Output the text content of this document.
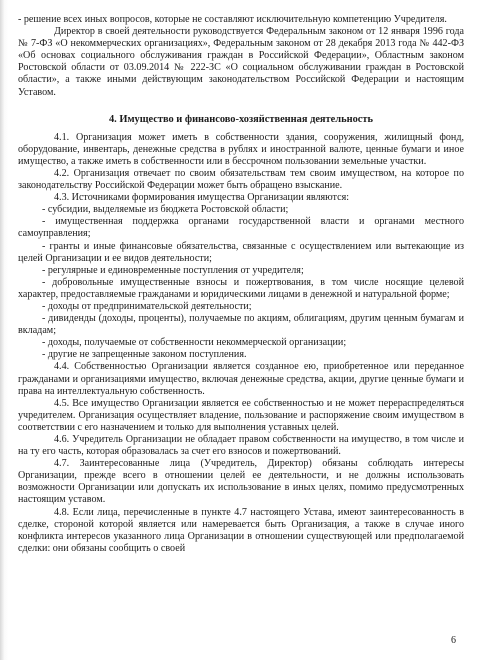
- решение всех иных вопросов, которые не составляют исключительную компетенцию Учредителя.

Директор в своей деятельности руководствуется Федеральным законом от 12 января 1996 года № 7-ФЗ «О некоммерческих организациях», Федеральным законом от 28 декабря 2013 года № 442-ФЗ «Об основах социального обслуживания граждан в Российской Федерации», Областным законом Ростовской области от 03.09.2014 № 222-ЗС «О социальном обслуживании граждан в Ростовской области», а также иными действующим законодательством Российской Федерации и настоящим Уставом.

4. Имущество и финансово-хозяйственная деятельность

4.1. Организация может иметь в собственности здания, сооружения, жилищный фонд, оборудование, инвентарь, денежные средства в рублях и иностранной валюте, ценные бумаги и иное имущество, а также иметь в собственности или в бессрочном пользовании земельные участки.

4.2. Организация отвечает по своим обязательствам тем своим имуществом, на которое по законодательству Российской Федерации может быть обращено взыскание.

4.3. Источниками формирования имущества Организации являются:

- субсидии, выделяемые из бюджета Ростовской области;

- имущественная поддержка органами государственной власти и органами местного самоуправления;

- гранты и иные финансовые обязательства, связанные с осуществлением или вытекающие из целей Организации и ее видов деятельности;

- регулярные и единовременные поступления от учредителя;

- добровольные имущественные взносы и пожертвования, в том числе носящие целевой характер, предоставляемые гражданами и юридическими лицами в денежной и натуральной форме;

- доходы от предпринимательской деятельности;

- дивиденды (доходы, проценты), получаемые по акциям, облигациям, другим ценным бумагам и вкладам;

- доходы, получаемые от собственности некоммерческой организации;

- другие не запрещенные законом поступления.

4.4. Собственностью Организации является созданное ею, приобретенное или переданное гражданами и организациями имущество, включая денежные средства, акции, другие ценные бумаги и права на интеллектуальную собственность.

4.5. Все имущество Организации является ее собственностью и не может перераспределяться учредителем. Организация осуществляет владение, пользование и распоряжение своим имуществом в соответствии с его назначением и только для выполнения уставных целей.

4.6. Учредитель Организации не обладает правом собственности на имущество, в том числе и на ту его часть, которая образовалась за счет его взносов и пожертвований.

4.7. Заинтересованные лица (Учредитель, Директор) обязаны соблюдать интересы Организации, прежде всего в отношении целей ее деятельности, и не должны использовать возможности Организации или допускать их использование в иных целях, помимо предусмотренных настоящим уставом.

4.8. Если лица, перечисленные в пункте 4.7 настоящего Устава, имеют заинтересованность в сделке, стороной которой является или намеревается быть Организация, а также в случае иного конфликта интересов указанного лица Организации в отношении существующей или предполагаемой сделки: они обязаны сообщить о своей

6
